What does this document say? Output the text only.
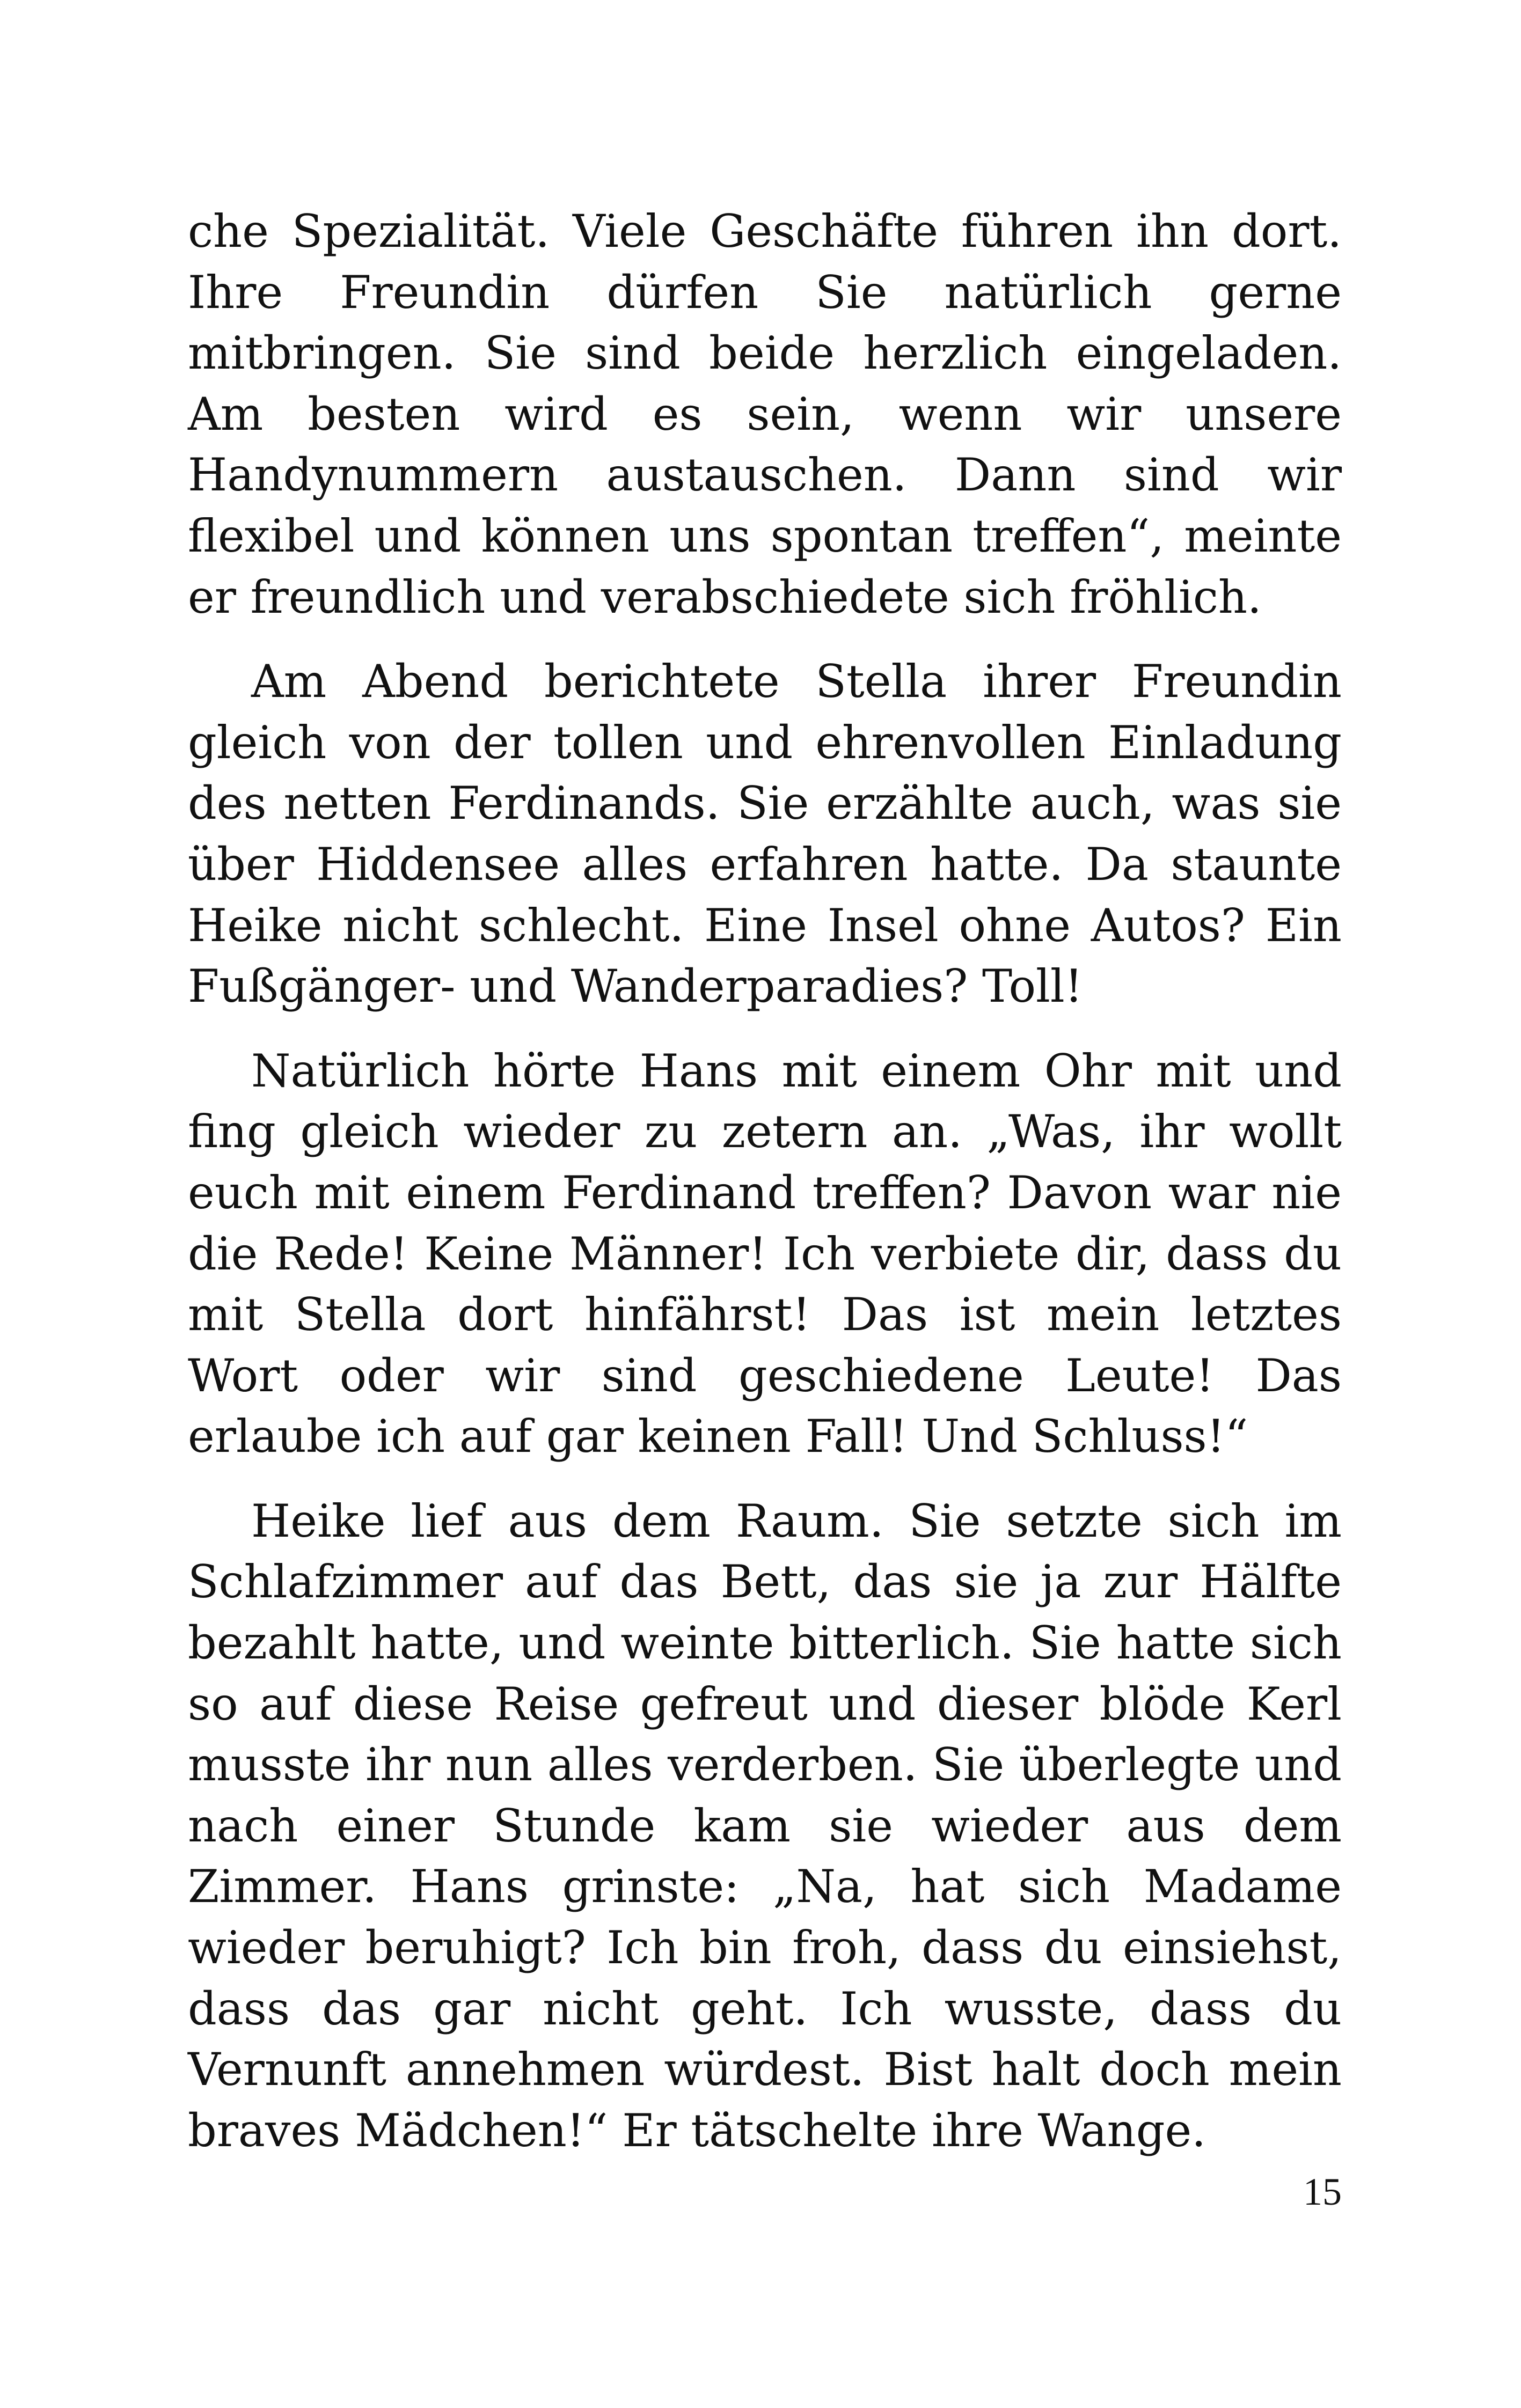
che Spezialität. Viele Geschäfte führen ihn dort. Ihre Freundin dürfen Sie natürlich gerne mitbringen. Sie sind beide herzlich eingeladen. Am besten wird es sein, wenn wir unsere Handynummern austauschen. Dann sind wir flexibel und können uns spontan treffen“, meinte er freundlich und verabschiedete sich fröhlich.

Am Abend berichtete Stella ihrer Freundin gleich von der tollen und ehrenvollen Einladung des netten Ferdinands. Sie erzählte auch, was sie über Hiddensee alles erfahren hatte. Da staunte Heike nicht schlecht. Eine Insel ohne Autos? Ein Fußgänger- und Wanderparadies? Toll!

Natürlich hörte Hans mit einem Ohr mit und fing gleich wieder zu zetern an. „Was, ihr wollt euch mit einem Ferdinand treffen? Davon war nie die Rede! Keine Männer! Ich verbiete dir, dass du mit Stella dort hinfährst! Das ist mein letztes Wort oder wir sind geschiedene Leute! Das erlaube ich auf gar keinen Fall! Und Schluss!“

Heike lief aus dem Raum. Sie setzte sich im Schlafzimmer auf das Bett, das sie ja zur Hälfte bezahlt hatte, und weinte bitterlich. Sie hatte sich so auf diese Reise gefreut und dieser blöde Kerl musste ihr nun alles verderben. Sie überlegte und nach einer Stunde kam sie wieder aus dem Zimmer. Hans grinste: „Na, hat sich Madame wieder beruhigt? Ich bin froh, dass du einsiehst, dass das gar nicht geht. Ich wusste, dass du Vernunft annehmen würdest. Bist halt doch mein braves Mädchen!“ Er tätschelte ihre Wange.

15
